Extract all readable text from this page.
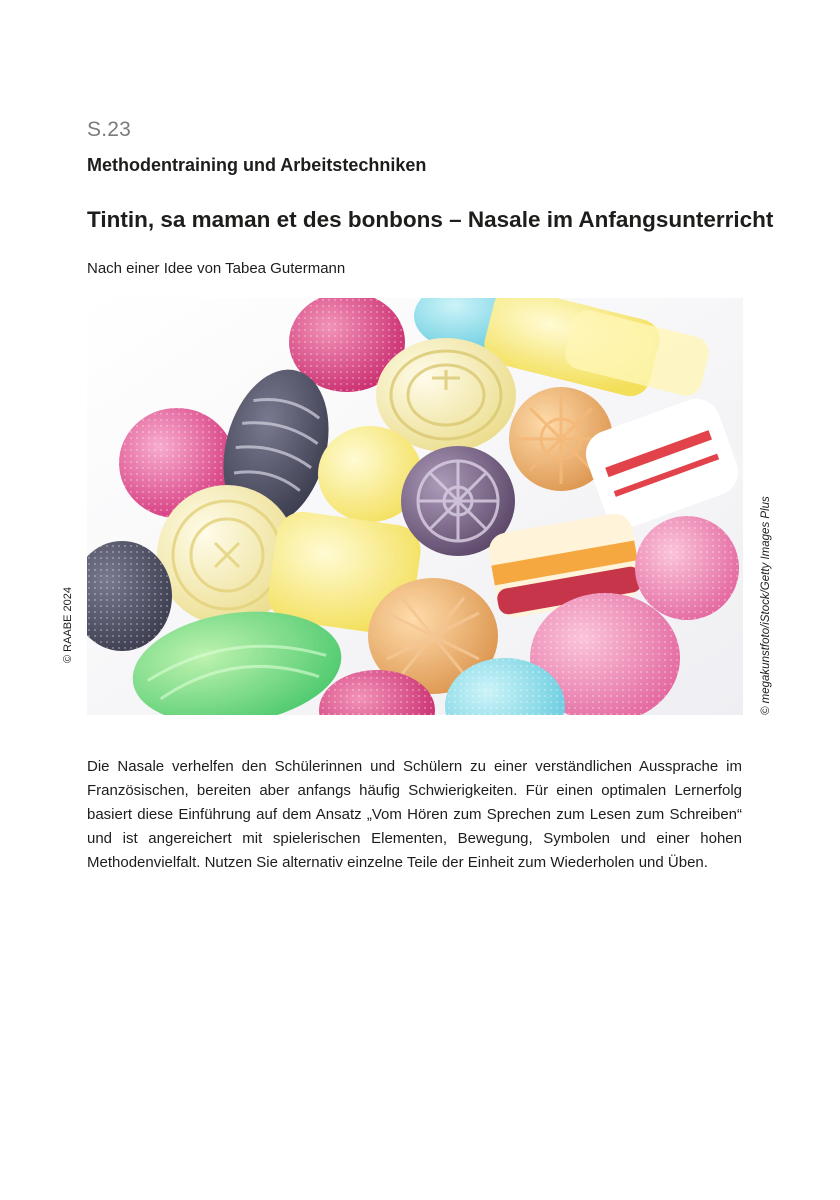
S.23
Methodentraining und Arbeitstechniken
Tintin, sa maman et des bonbons – Nasale im Anfangsunterricht
Nach einer Idee von Tabea Gutermann
© megakunstfoto/iStock/Getty Images Plus
© RAABE 2024
Die Nasale verhelfen den Schülerinnen und Schülern zu einer verständlichen Aussprache im Französischen, bereiten aber anfangs häufig Schwierigkeiten. Für einen optimalen Lernerfolg basiert diese Einführung auf dem Ansatz „Vom Hören zum Sprechen zum Lesen zum Schreiben“ und ist angereichert mit spielerischen Elementen, Bewegung, Symbolen und einer hohen Methodenvielfalt. Nutzen Sie alternativ einzelne Teile der Einheit zum Wiederholen und Üben.
